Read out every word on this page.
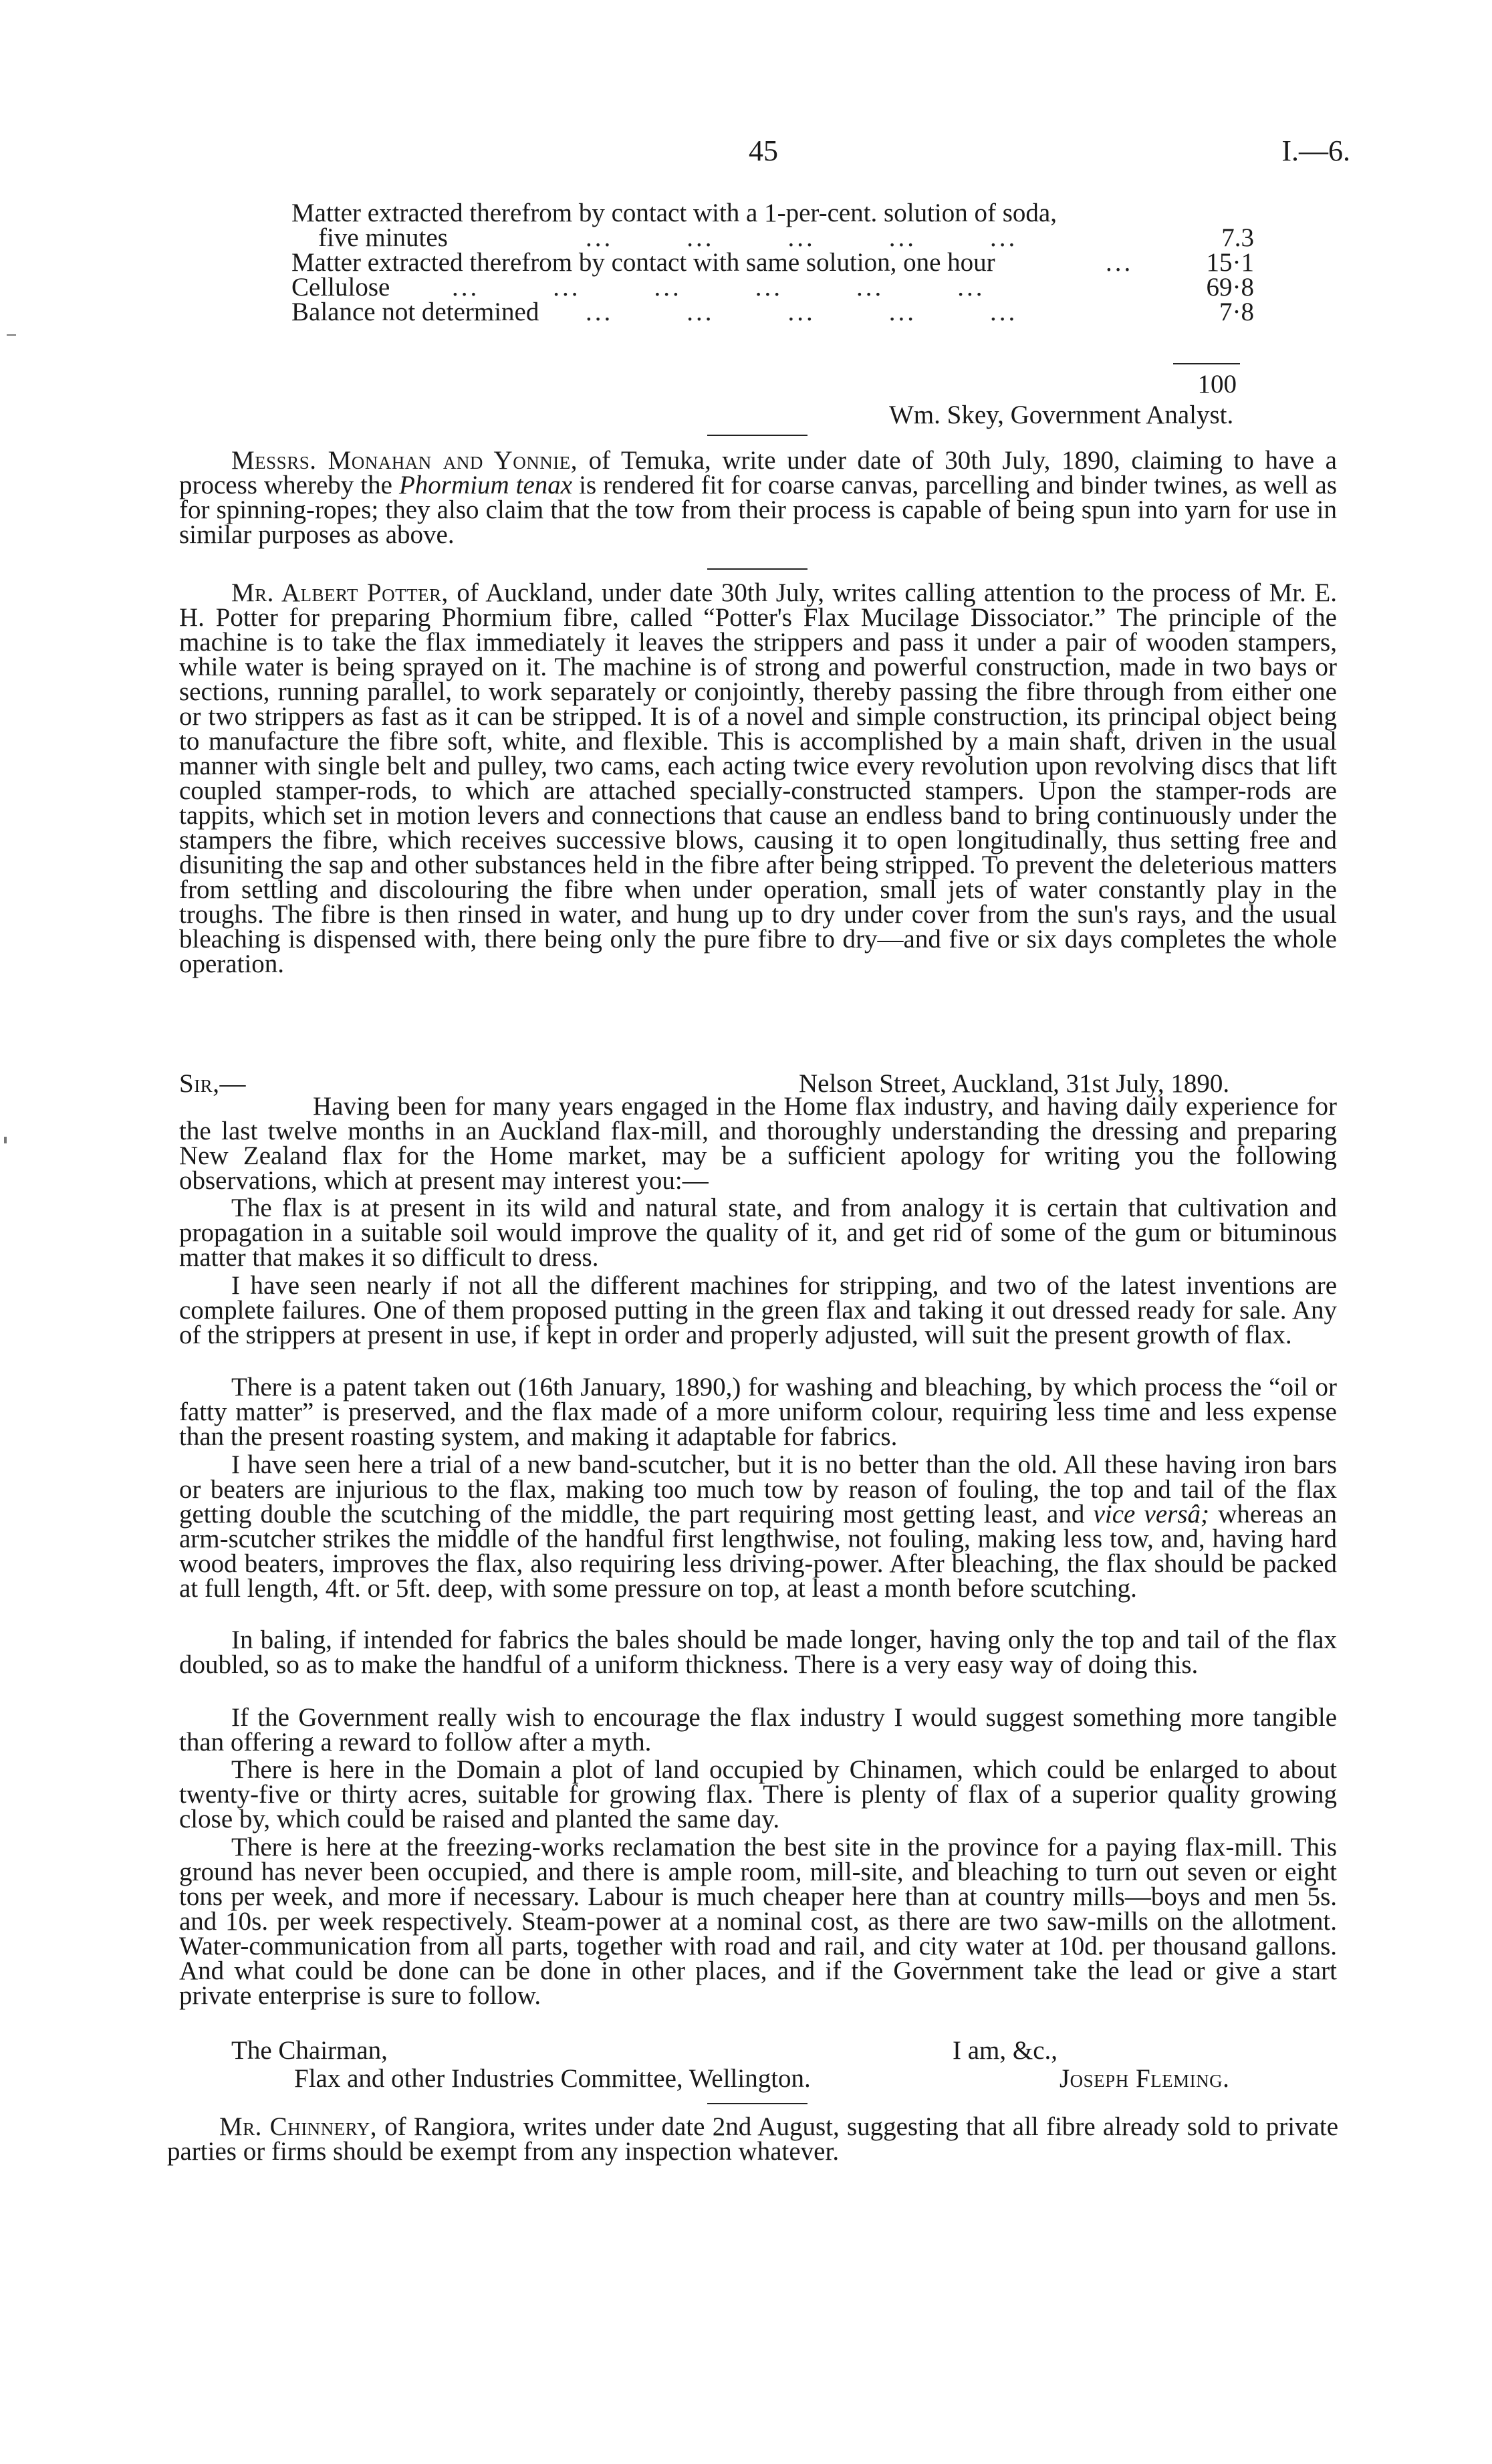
45	I.—6.
Matter extracted therefrom by contact with a 1-per-cent. solution of soda,
five minutes	...        ...        ...        ...        ...	7.3
Matter extracted therefrom by contact with same solution, one hour	...	15·1
Cellulose ...        ...        ...        ...        ...        ...	69·8
Balance not determined ...        ...        ...        ...        ...	7·8
100
Wm. Skey, Government Analyst.

Messrs. Monahan and Yonnie, of Temuka, write under date of 30th July, 1890, claiming to have a process whereby the Phormium tenax is rendered fit for coarse canvas, parcelling and binder twines, as well as for spinning-ropes; they also claim that the tow from their process is capable of being spun into yarn for use in similar purposes as above.

Mr. Albert Potter, of Auckland, under date 30th July, writes calling attention to the process of Mr. E. H. Potter for preparing Phormium fibre, called “Potter's Flax Mucilage Dissociator.” The principle of the machine is to take the flax immediately it leaves the strippers and pass it under a pair of wooden stampers, while water is being sprayed on it. The machine is of strong and powerful construction, made in two bays or sections, running parallel, to work separately or conjointly, thereby passing the fibre through from either one or two strippers as fast as it can be stripped. It is of a novel and simple construction, its principal object being to manufacture the fibre soft, white, and flexible. This is accomplished by a main shaft, driven in the usual manner with single belt and pulley, two cams, each acting twice every revolution upon revolving discs that lift coupled stamper-rods, to which are attached specially-constructed stampers. Upon the stamper-rods are tappits, which set in motion levers and connections that cause an endless band to bring continuously under the stampers the fibre, which receives successive blows, causing it to open longitudinally, thus setting free and disuniting the sap and other substances held in the fibre after being stripped. To prevent the deleterious matters from settling and discolouring the fibre when under operation, small jets of water constantly play in the troughs. The fibre is then rinsed in water, and hung up to dry under cover from the sun's rays, and the usual bleaching is dispensed with, there being only the pure fibre to dry—and five or six days completes the whole operation.

Sir,—	Nelson Street, Auckland, 31st July, 1890.

Having been for many years engaged in the Home flax industry, and having daily experience for the last twelve months in an Auckland flax-mill, and thoroughly understanding the dressing and preparing New Zealand flax for the Home market, may be a sufficient apology for writing you the following observations, which at present may interest you:—

The flax is at present in its wild and natural state, and from analogy it is certain that cultivation and propagation in a suitable soil would improve the quality of it, and get rid of some of the gum or bituminous matter that makes it so difficult to dress.

I have seen nearly if not all the different machines for stripping, and two of the latest inventions are complete failures. One of them proposed putting in the green flax and taking it out dressed ready for sale. Any of the strippers at present in use, if kept in order and properly adjusted, will suit the present growth of flax.

There is a patent taken out (16th January, 1890,) for washing and bleaching, by which process the “oil or fatty matter” is preserved, and the flax made of a more uniform colour, requiring less time and less expense than the present roasting system, and making it adaptable for fabrics.

I have seen here a trial of a new band-scutcher, but it is no better than the old. All these having iron bars or beaters are injurious to the flax, making too much tow by reason of fouling, the top and tail of the flax getting double the scutching of the middle, the part requiring most getting least, and vice versâ; whereas an arm-scutcher strikes the middle of the handful first lengthwise, not fouling, making less tow, and, having hard wood beaters, improves the flax, also requiring less driving-power. After bleaching, the flax should be packed at full length, 4ft. or 5ft. deep, with some pressure on top, at least a month before scutching.

In baling, if intended for fabrics the bales should be made longer, having only the top and tail of the flax doubled, so as to make the handful of a uniform thickness. There is a very easy way of doing this.

If the Government really wish to encourage the flax industry I would suggest something more tangible than offering a reward to follow after a myth.

There is here in the Domain a plot of land occupied by Chinamen, which could be enlarged to about twenty-five or thirty acres, suitable for growing flax. There is plenty of flax of a superior quality growing close by, which could be raised and planted the same day.

There is here at the freezing-works reclamation the best site in the province for a paying flax-mill. This ground has never been occupied, and there is ample room, mill-site, and bleaching to turn out seven or eight tons per week, and more if necessary. Labour is much cheaper here than at country mills—boys and men 5s. and 10s. per week respectively. Steam-power at a nominal cost, as there are two saw-mills on the allotment. Water-communication from all parts, together with road and rail, and city water at 10d. per thousand gallons. And what could be done can be done in other places, and if the Government take the lead or give a start private enterprise is sure to follow.

The Chairman,	I am, &c.,
Flax and other Industries Committee, Wellington.	Joseph Fleming.

Mr. Chinnery, of Rangiora, writes under date 2nd August, suggesting that all fibre already sold to private parties or firms should be exempt from any inspection whatever.
